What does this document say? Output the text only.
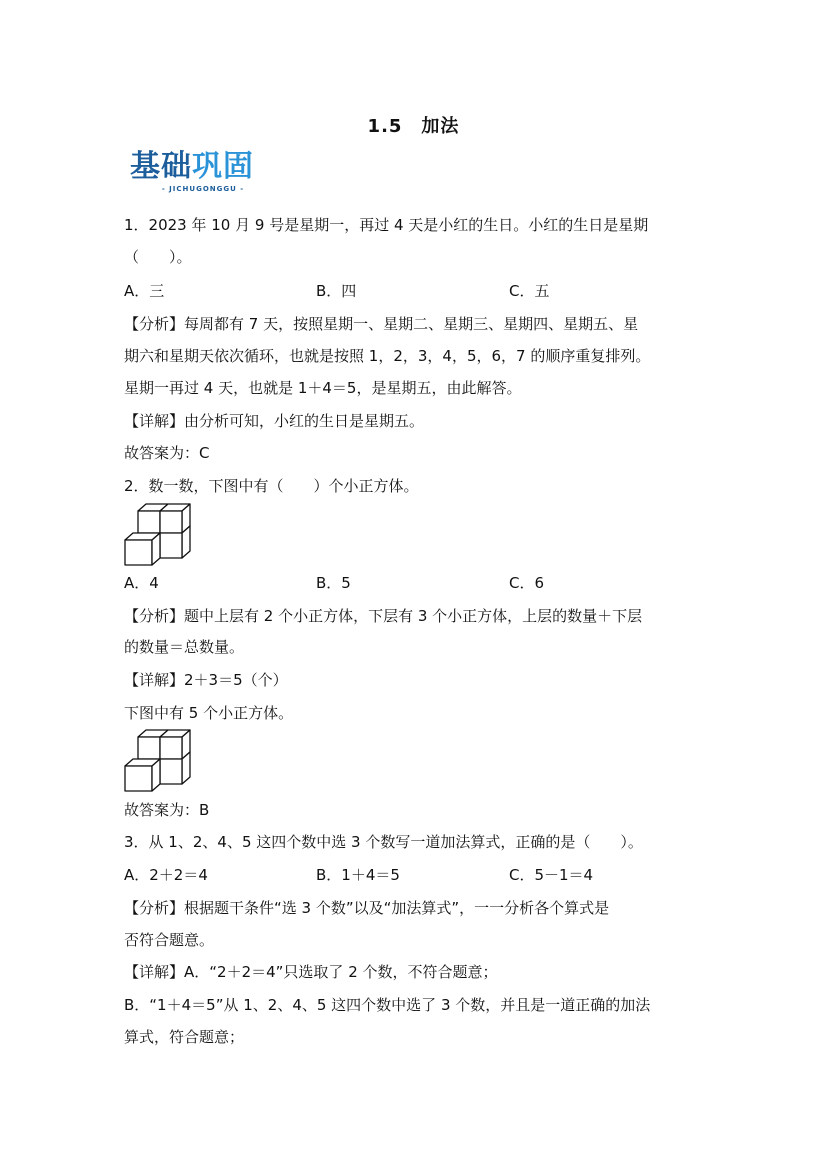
1.5　加法
基础巩固
- JICHUGONGGU -
1．2023 年 10 月 9 号是星期一，再过 4 天是小红的生日。小红的生日是星期
（　　）。
A．三	B．四	C．五
【分析】每周都有 7 天，按照星期一、星期二、星期三、星期四、星期五、星
期六和星期天依次循环，也就是按照 1，2，3，4，5，6，7 的顺序重复排列。
星期一再过 4 天，也就是 1＋4＝5，是星期五，由此解答。
【详解】由分析可知，小红的生日是星期五。
故答案为：C
2．数一数，下图中有（　　）个小正方体。
A．4	B．5	C．6
【分析】题中上层有 2 个小正方体，下层有 3 个小正方体，上层的数量＋下层
的数量＝总数量。
【详解】2＋3＝5（个）
下图中有 5 个小正方体。
故答案为：B
3．从 1、2、4、5 这四个数中选 3 个数写一道加法算式，正确的是（　　）。
A．2＋2＝4	B．1＋4＝5	C．5－1＝4
【分析】根据题干条件“选 3 个数”以及“加法算式”，一一分析各个算式是
否符合题意。
【详解】A．“2＋2＝4”只选取了 2 个数，不符合题意；
B．“1＋4＝5”从 1、2、4、5 这四个数中选了 3 个数，并且是一道正确的加法
算式，符合题意；
